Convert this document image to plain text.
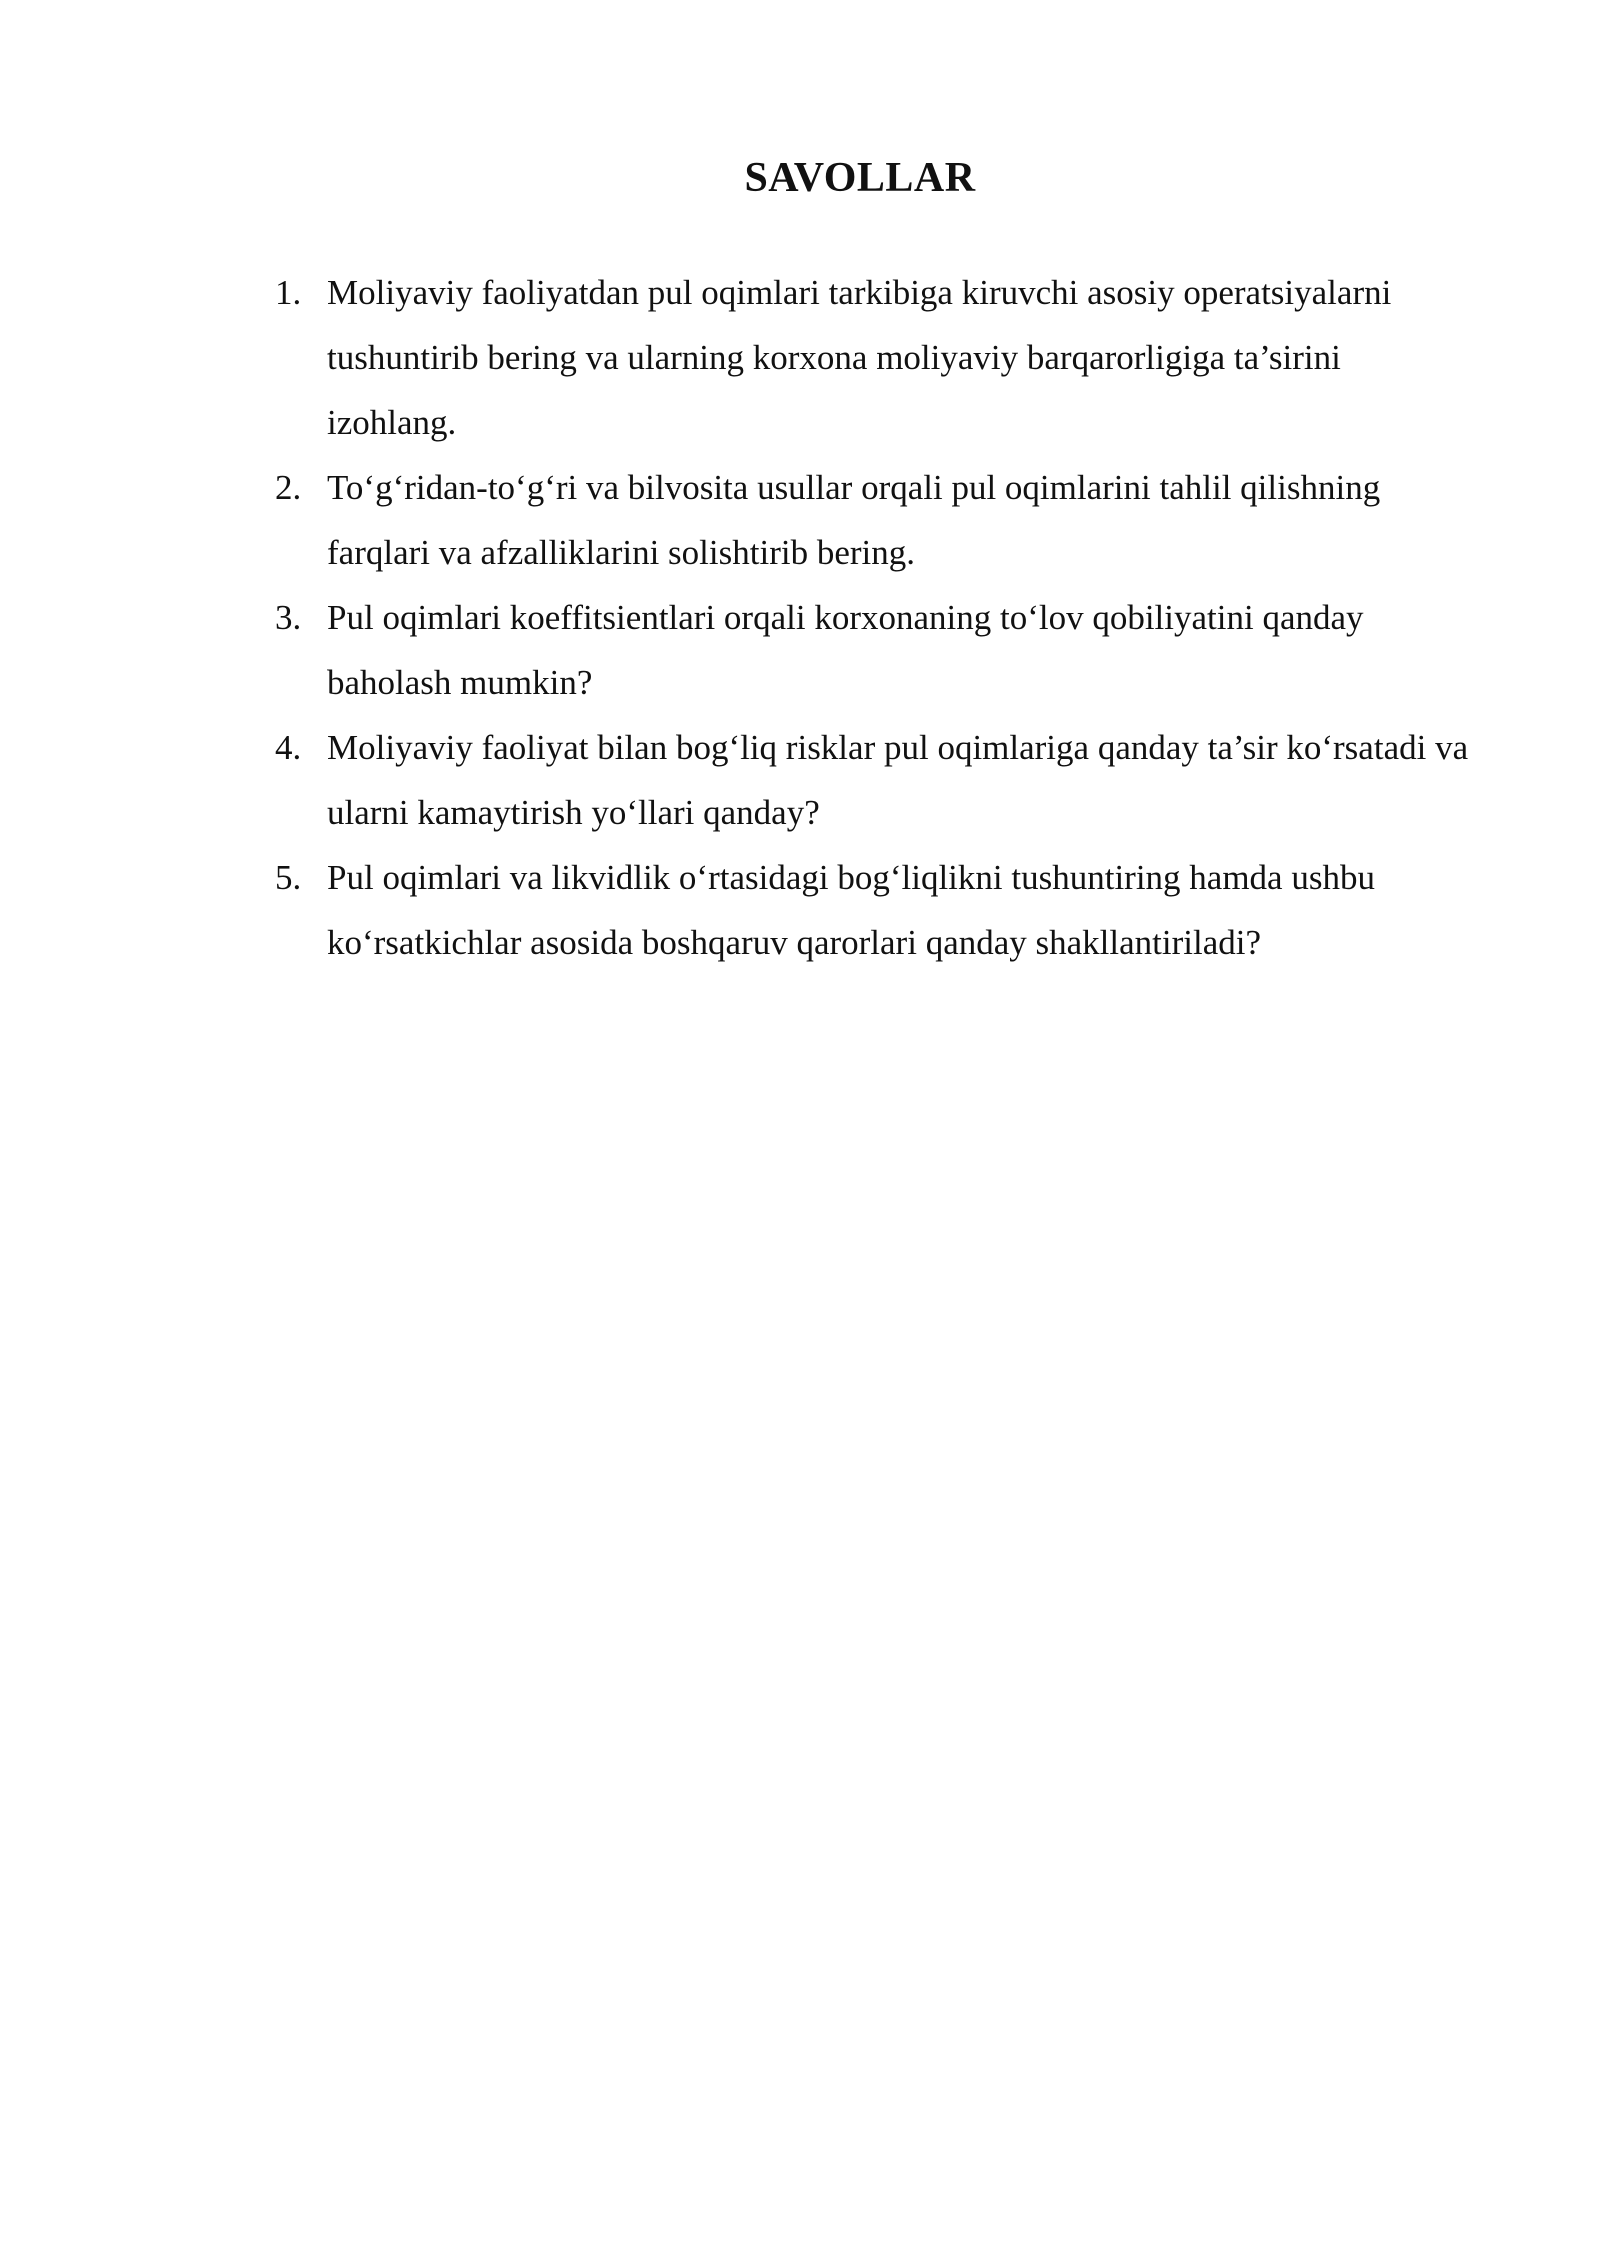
SAVOLLAR
1. Moliyaviy faoliyatdan pul oqimlari tarkibiga kiruvchi asosiy operatsiyalarni tushuntirib bering va ularning korxona moliyaviy barqarorligiga ta’sirini izohlang.
2. To‘g‘ridan-to‘g‘ri va bilvosita usullar orqali pul oqimlarini tahlil qilishning farqlari va afzalliklarini solishtirib bering.
3. Pul oqimlari koeffitsientlari orqali korxonaning to‘lov qobiliyatini qanday baholash mumkin?
4. Moliyaviy faoliyat bilan bog‘liq risklar pul oqimlariga qanday ta’sir ko‘rsatadi va ularni kamaytirish yo‘llari qanday?
5. Pul oqimlari va likvidlik o‘rtasidagi bog‘liqlikni tushuntiring hamda ushbu ko‘rsatkichlar asosida boshqaruv qarorlari qanday shakllantiriladi?
